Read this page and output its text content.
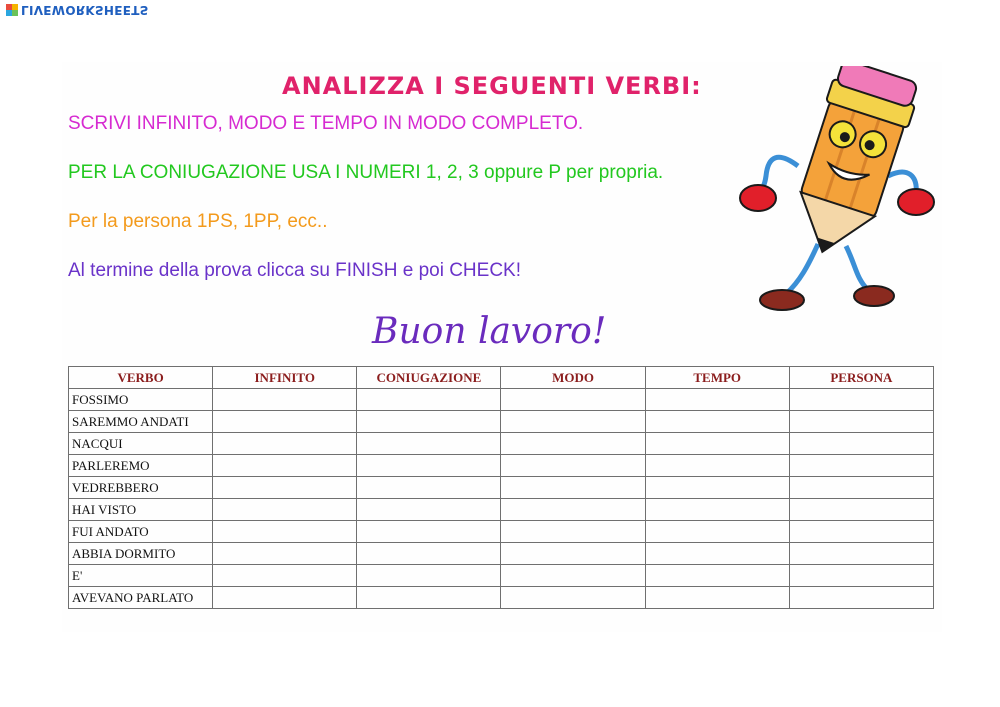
LIVEWORKSHEETS
ANALIZZA I SEGUENTI VERBI:

SCRIVI INFINITO, MODO E TEMPO IN MODO COMPLETO.

PER LA CONIUGAZIONE USA I NUMERI 1, 2, 3 oppure P per propria.

Per la persona 1PS, 1PP, ecc..

Al termine della prova clicca su FINISH e poi CHECK!

Buon lavoro!

VERBO	INFINITO	CONIUGAZIONE	MODO	TEMPO	PERSONA
FOSSIMO					
SAREMMO ANDATI					
NACQUI					
PARLEREMO					
VEDREBBERO					
HAI VISTO					
FUI ANDATO					
ABBIA DORMITO					
E'					
AVEVANO PARLATO					
